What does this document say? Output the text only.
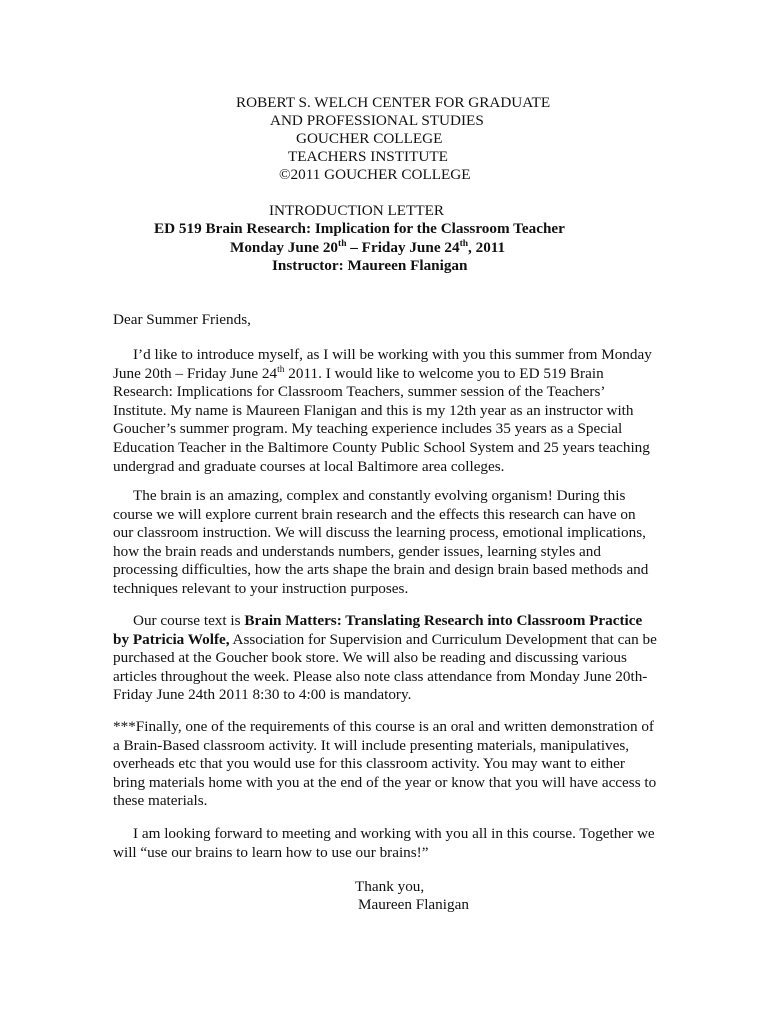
ROBERT S. WELCH CENTER FOR GRADUATE
AND PROFESSIONAL STUDIES
GOUCHER COLLEGE
TEACHERS INSTITUTE
©2011 GOUCHER COLLEGE
INTRODUCTION LETTER
ED 519 Brain Research: Implication for the Classroom Teacher
Monday June 20th – Friday June 24th, 2011
Instructor: Maureen Flanigan
Dear Summer Friends,
I’d like to introduce myself, as I will be working with you this summer from Monday
June 20th – Friday June 24th 2011. I would like to welcome you to ED 519 Brain
Research: Implications for Classroom Teachers, summer session of the Teachers’
Institute. My name is Maureen Flanigan and this is my 12th year as an instructor with
Goucher’s summer program. My teaching experience includes 35 years as a Special
Education Teacher in the Baltimore County Public School System and 25 years teaching
undergrad and graduate courses at local Baltimore area colleges.
The brain is an amazing, complex and constantly evolving organism! During this
course we will explore current brain research and the effects this research can have on
our classroom instruction. We will discuss the learning process, emotional implications,
how the brain reads and understands numbers, gender issues, learning styles and
processing difficulties, how the arts shape the brain and design brain based methods and
techniques relevant to your instruction purposes.
Our course text is Brain Matters: Translating Research into Classroom Practice
by Patricia Wolfe, Association for Supervision and Curriculum Development that can be
purchased at the Goucher book store. We will also be reading and discussing various
articles throughout the week. Please also note class attendance from Monday June 20th-
Friday June 24th 2011 8:30 to 4:00 is mandatory.
***Finally, one of the requirements of this course is an oral and written demonstration of
a Brain-Based classroom activity. It will include presenting materials, manipulatives,
overheads etc that you would use for this classroom activity. You may want to either
bring materials home with you at the end of the year or know that you will have access to
these materials.
I am looking forward to meeting and working with you all in this course. Together we
will “use our brains to learn how to use our brains!”
Thank you,
Maureen Flanigan
